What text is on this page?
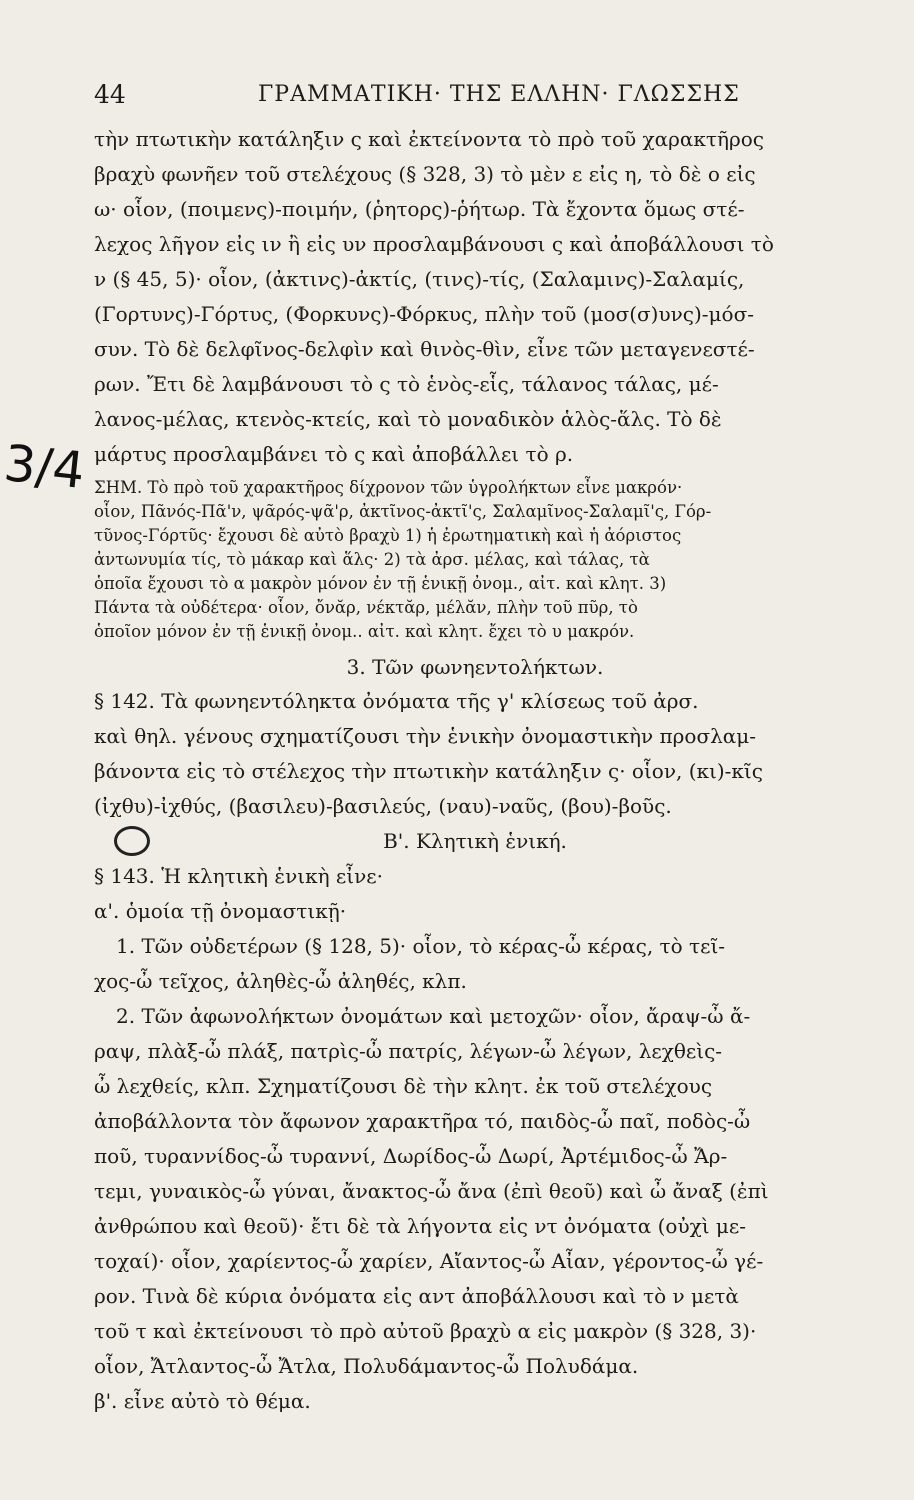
44	ΓΡΑΜΜΑΤΙΚΗ· ΤΗΣ ΕΛΛΗΝ· ΓΛΩΣΣΗΣ
3/4
τὴν πτωτικὴν κατάληξιν ς καὶ ἐκτείνοντα τὸ πρὸ τοῦ χαρακτῆρος
βραχὺ φωνῆεν τοῦ στελέχους (§ 328, 3) τὸ μὲν ε εἰς η, τὸ δὲ ο εἰς
ω· οἷον, (ποιμενς)-ποιμήν, (ῥητορς)-ῥήτωρ. Τὰ ἔχοντα ὅμως στέ-
λεχος λῆγον εἰς ιν ἢ εἰς υν προσλαμβάνουσι ς καὶ ἀποβάλλουσι τὸ
ν (§ 45, 5)· οἷον, (ἀκτινς)-ἀκτίς, (τινς)-τίς, (Σαλαμινς)-Σαλαμίς,
(Γορτυνς)-Γόρτυς, (Φορκυνς)-Φόρκυς, πλὴν τοῦ (μοσ(σ)υνς)-μόσ-
συν. Τὸ δὲ δελφῖνος-δελφὶν καὶ θινὸς-θὶν, εἶνε τῶν μεταγενεστέ-
ρων. Ἔτι δὲ λαμβάνουσι τὸ ς τὸ ἑνὸς-εἷς, τάλανος τάλας, μέ-
λανος-μέλας, κτενὸς-κτείς, καὶ τὸ μοναδικὸν ἁλὸς-ἅλς. Τὸ δὲ
μάρτυς προσλαμβάνει τὸ ς καὶ ἀποβάλλει τὸ ρ.
ΣΗΜ. Τὸ πρὸ τοῦ χαρακτῆρος δίχρονον τῶν ὑγρολήκτων εἶνε μακρόν·
οἷον, Πᾶνός-Πᾶ'ν, ψᾶρός-ψᾶ'ρ, ἀκτῖνος-ἀκτῖ'ς, Σαλαμῖνος-Σαλαμῖ'ς, Γόρ-
τῦνος-Γόρτῦς· ἔχουσι δὲ αὐτὸ βραχὺ 1) ἡ ἐρωτηματικὴ καὶ ἡ ἀόριστος
ἀντωνυμία τίς, τὸ μάκαρ καὶ ἅλς· 2) τὰ ἀρσ. μέλας, καὶ τάλας, τὰ
ὁποῖα ἔχουσι τὸ α μακρὸν μόνον ἐν τῇ ἑνικῇ ὀνομ., αἰτ. καὶ κλητ. 3)
Πάντα τὰ οὐδέτερα· οἷον, ὄνᾰρ, νέκτᾰρ, μέλᾰν, πλὴν τοῦ πῦρ, τὸ
ὁποῖον μόνον ἐν τῇ ἑνικῇ ὀνομ.. αἰτ. καὶ κλητ. ἔχει τὸ υ μακρόν.
3. Τῶν φωνηεντολήκτων.
§ 142. Τὰ φωνηεντόληκτα ὀνόματα τῆς γ' κλίσεως τοῦ ἀρσ.
καὶ θηλ. γένους σχηματίζουσι τὴν ἑνικὴν ὀνομαστικὴν προσλαμ-
βάνοντα εἰς τὸ στέλεχος τὴν πτωτικὴν κατάληξιν ς· οἷον, (κι)-κῖς
(ἰχθυ)-ἰχθύς, (βασιλευ)-βασιλεύς, (ναυ)-ναῦς, (βου)-βοῦς.
Β'. Κλητικὴ ἑνική.
§ 143. Ἡ κλητικὴ ἑνικὴ εἶνε·
α'. ὁμοία τῇ ὀνομαστικῇ·
1. Τῶν οὐδετέρων (§ 128, 5)· οἷον, τὸ κέρας-ὦ κέρας, τὸ τεῖ-
χος-ὦ τεῖχος, ἀληθὲς-ὦ ἀληθές, κλπ.
2. Τῶν ἀφωνολήκτων ὀνομάτων καὶ μετοχῶν· οἷον, ἄραψ-ὦ ἄ-
ραψ, πλὰξ-ὦ πλάξ, πατρὶς-ὦ πατρίς, λέγων-ὦ λέγων, λεχθεὶς-
ὦ λεχθείς, κλπ. Σχηματίζουσι δὲ τὴν κλητ. ἐκ τοῦ στελέχους
ἀποβάλλοντα τὸν ἄφωνον χαρακτῆρα τό, παιδὸς-ὦ παῖ, ποδὸς-ὦ
ποῦ, τυραννίδος-ὦ τυραννί, Δωρίδος-ὦ Δωρί, Ἀρτέμιδος-ὦ Ἄρ-
τεμι, γυναικὸς-ὦ γύναι, ἄνακτος-ὦ ἄνα (ἐπὶ θεοῦ) καὶ ὦ ἄναξ (ἐπὶ
ἀνθρώπου καὶ θεοῦ)· ἔτι δὲ τὰ λήγοντα εἰς ντ ὀνόματα (οὐχὶ με-
τοχαί)· οἷον, χαρίεντος-ὦ χαρίεν, Αἴαντος-ὦ Αἶαν, γέροντος-ὦ γέ-
ρον. Τινὰ δὲ κύρια ὀνόματα εἰς αντ ἀποβάλλουσι καὶ τὸ ν μετὰ
τοῦ τ καὶ ἐκτείνουσι τὸ πρὸ αὐτοῦ βραχὺ α εἰς μακρὸν (§ 328, 3)·
οἷον, Ἄτλαντος-ὦ Ἄτλα, Πολυδάμαντος-ὦ Πολυδάμα.
β'. εἶνε αὐτὸ τὸ θέμα.
